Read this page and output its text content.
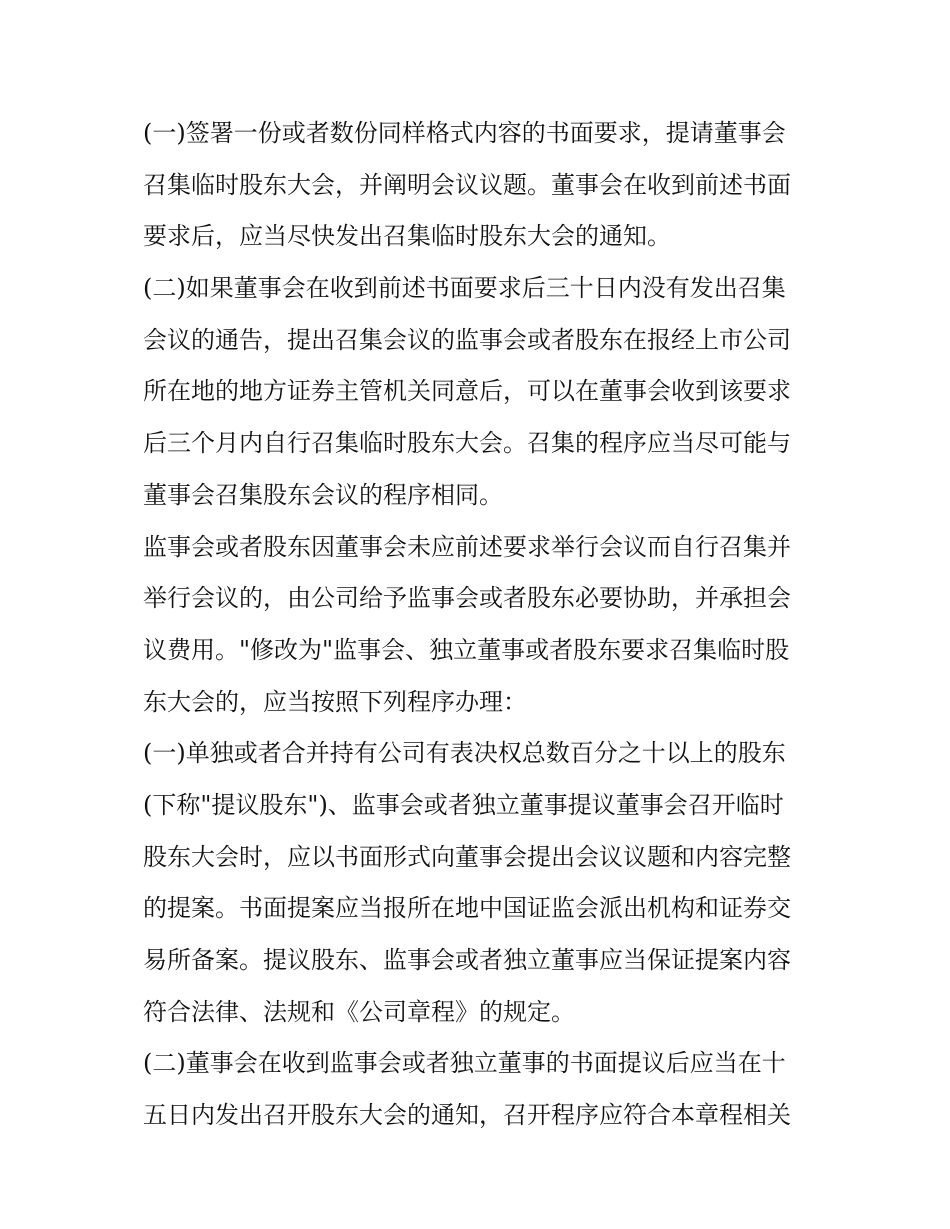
(一)签署一份或者数份同样格式内容的书面要求，提请董事会
召集临时股东大会，并阐明会议议题。董事会在收到前述书面
要求后，应当尽快发出召集临时股东大会的通知。
(二)如果董事会在收到前述书面要求后三十日内没有发出召集
会议的通告，提出召集会议的监事会或者股东在报经上市公司
所在地的地方证券主管机关同意后，可以在董事会收到该要求
后三个月内自行召集临时股东大会。召集的程序应当尽可能与
董事会召集股东会议的程序相同。
监事会或者股东因董事会未应前述要求举行会议而自行召集并
举行会议的，由公司给予监事会或者股东必要协助，并承担会
议费用。"修改为"监事会、独立董事或者股东要求召集临时股
东大会的，应当按照下列程序办理：
(一)单独或者合并持有公司有表决权总数百分之十以上的股东
(下称"提议股东")、监事会或者独立董事提议董事会召开临时
股东大会时，应以书面形式向董事会提出会议议题和内容完整
的提案。书面提案应当报所在地中国证监会派出机构和证券交
易所备案。提议股东、监事会或者独立董事应当保证提案内容
符合法律、法规和《公司章程》的规定。
(二)董事会在收到监事会或者独立董事的书面提议后应当在十
五日内发出召开股东大会的通知，召开程序应符合本章程相关
